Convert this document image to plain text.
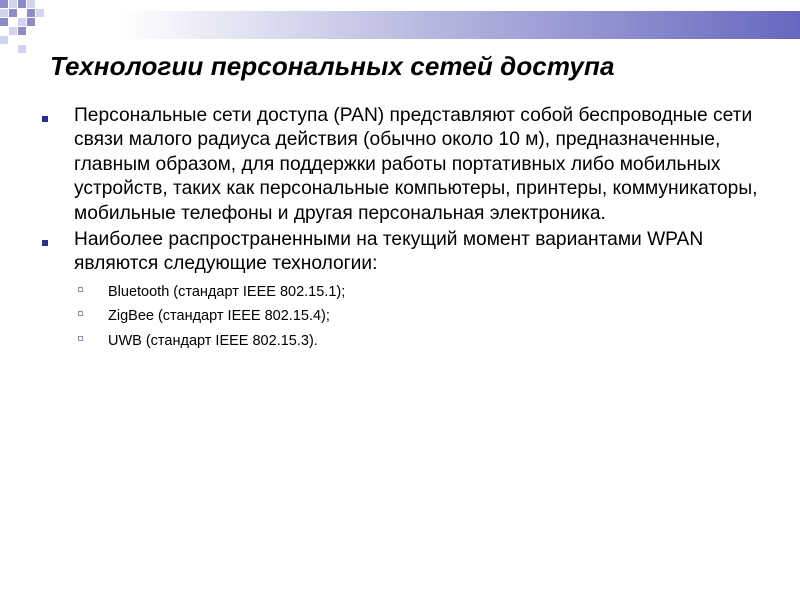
Технологии персональных сетей доступа
Персональные сети доступа (PAN) представляют собой беспроводные сети связи малого радиуса действия (обычно около 10 м), предназначенные, главным образом, для поддержки работы портативных либо мобильных устройств, таких как персональные компьютеры, принтеры, коммуникаторы, мобильные телефоны и другая персональная электроника.
Наиболее распространенными на текущий момент вариантами WPAN являются следующие технологии:
Bluetooth (стандарт IEEE 802.15.1);
ZigBee (стандарт IEEE 802.15.4);
UWB (стандарт IEEE 802.15.3).
